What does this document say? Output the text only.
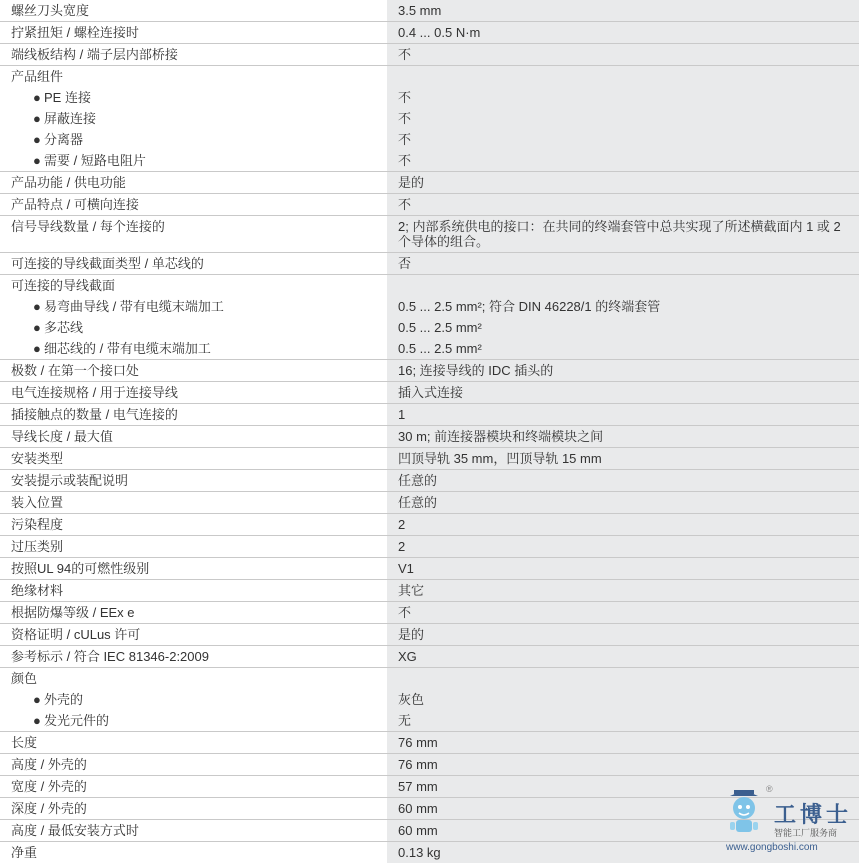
螺丝刀头宽度	3.5 mm
拧紧扭矩 / 螺栓连接时	0.4 ... 0.5 N·m
端线板结构 / 端子层内部桥接	不
产品组件
● PE 连接	不
● 屏蔽连接	不
● 分离器	不
● 需要 / 短路电阻片	不
产品功能 / 供电功能	是的
产品特点 / 可横向连接	不
信号导线数量 / 每个连接的	2; 内部系统供电的接口：在共同的终端套管中总共实现了所述横截面内 1 或 2个导体的组合。
可连接的导线截面类型 / 单芯线的	否
可连接的导线截面
● 易弯曲导线 / 带有电缆末端加工	0.5 ... 2.5 mm²; 符合 DIN 46228/1 的终端套管
● 多芯线	0.5 ... 2.5 mm²
● 细芯线的 / 带有电缆末端加工	0.5 ... 2.5 mm²
极数 / 在第一个接口处	16; 连接导线的 IDC 插头的
电气连接规格 / 用于连接导线	插入式连接
插接触点的数量 / 电气连接的	1
导线长度 / 最大值	30 m; 前连接器模块和终端模块之间
安装类型	凹顶导轨 35 mm，凹顶导轨 15 mm
安装提示或装配说明	任意的
装入位置	任意的
污染程度	2
过压类别	2
按照UL 94的可燃性级别	V1
绝缘材料	其它
根据防爆等级 / EEx e	不
资格证明 / cULus 许可	是的
参考标示 / 符合 IEC 81346-2:2009	XG
颜色
● 外壳的	灰色
● 发光元件的	无
长度	76 mm
高度 / 外壳的	76 mm
宽度 / 外壳的	57 mm
深度 / 外壳的	60 mm
高度 / 最低安装方式时	60 mm
净重	0.13 kg
®
工博士
智能工厂服务商
www.gongboshi.com
